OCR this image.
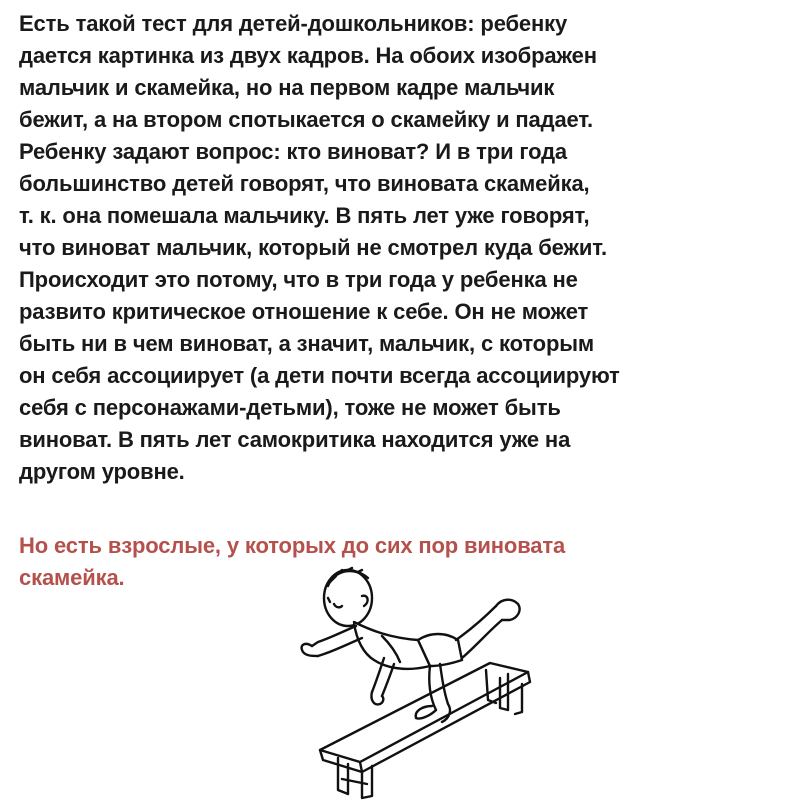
Есть такой тест для детей-дошкольников: ребенку
дается картинка из двух кадров. На обоих изображен
мальчик и скамейка, но на первом кадре мальчик
бежит, а на втором спотыкается о скамейку и падает.
Ребенку задают вопрос: кто виноват? И в три года
большинство детей говорят, что виновата скамейка,
т. к. она помешала мальчику. В пять лет уже говорят,
что виноват мальчик, который не смотрел куда бежит.
Происходит это потому, что в три года у ребенка не
развито критическое отношение к себе. Он не может
быть ни в чем виноват, а значит, мальчик, с которым
он себя ассоциирует (а дети почти всегда ассоциируют
себя с персонажами-детьми), тоже не может быть
виноват. В пять лет самокритика находится уже на
другом уровне.
Но есть взрослые, у которых до сих пор виновата
скамейка.
